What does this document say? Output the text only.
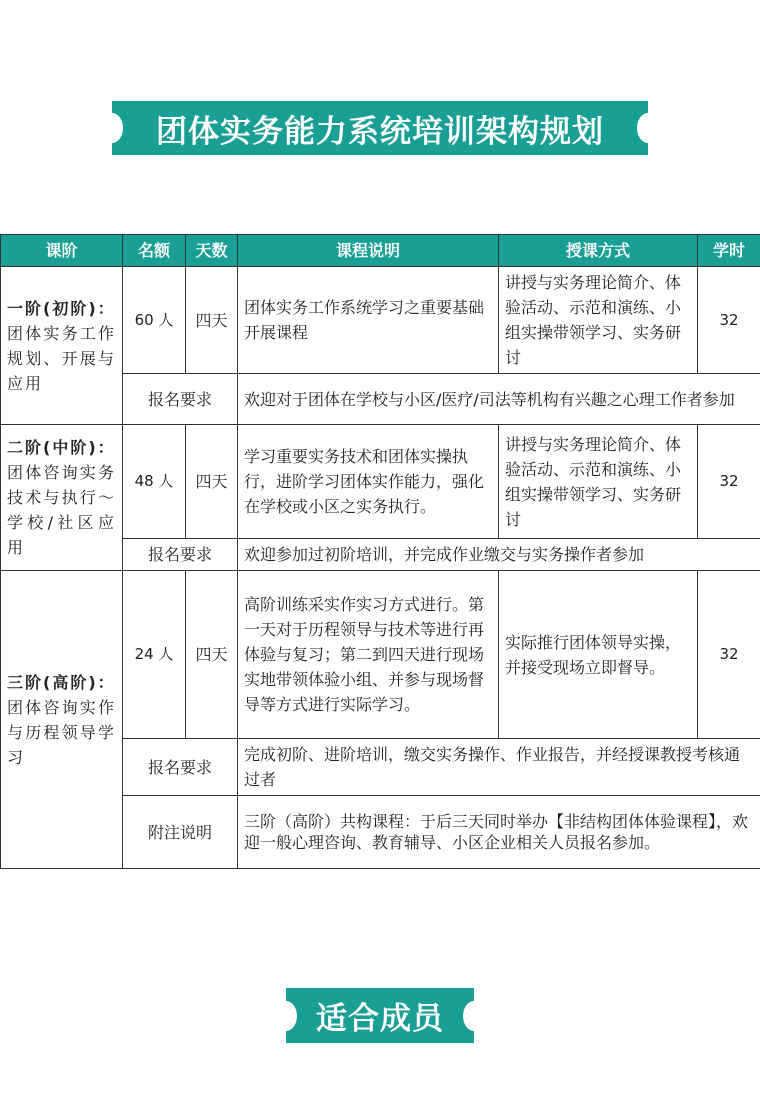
团体实务能力系统培训架构规划
课阶	名额	天数	课程说明	授课方式	学时

一阶(初阶)：
团体实务工作规划、开展与应用	60 人	四天	团体实务工作系统学习之重要基础开展课程	讲授与实务理论简介、体验活动、示范和演练、小组实操带领学习、实务研讨	32
	报名要求		欢迎对于团体在学校与小区/医疗/司法等机构有兴趣之心理工作者参加		

二阶(中阶)：
团体咨询实务技术与执行～学校/社区应用	48 人	四天	学习重要实务技术和团体实操执行，进阶学习团体实作能力，强化在学校或小区之实务执行。	讲授与实务理论简介、体验活动、示范和演练、小组实操带领学习、实务研讨	32
	报名要求		欢迎参加过初阶培训，并完成作业缴交与实务操作者参加		

三阶(高阶)：
团体咨询实作与历程领导学习	24 人	四天	高阶训练采实作实习方式进行。第一天对于历程领导与技术等进行再体验与复习；第二到四天进行现场实地带领体验小组、并参与现场督导等方式进行实际学习。	实际推行团体领导实操，并接受现场立即督导。	32
	报名要求		完成初阶、进阶培训，缴交实务操作、作业报告，并经授课教授考核通过者		
	附注说明		三阶（高阶）共构课程：于后三天同时举办【非结构团体体验课程】，欢迎一般心理咨询、教育辅导、小区企业相关人员报名参加。		
适合成员
